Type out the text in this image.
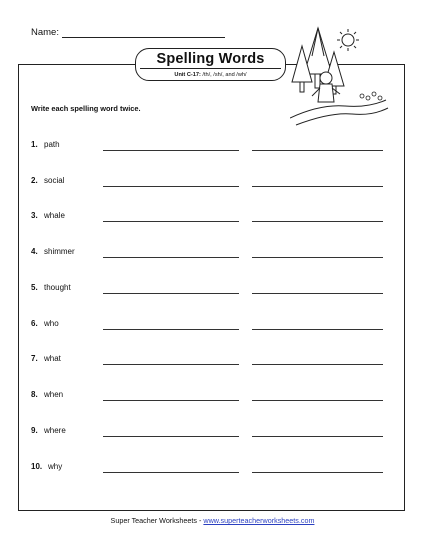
Name:
Spelling Words
Unit C-17: /th/, /sh/, and /wh/
Write each spelling word twice.
1. path
2. social
3. whale
4. shimmer
5. thought
6. who
7. what
8. when
9. where
10. why
Super Teacher Worksheets - www.superteacherworksheets.com
